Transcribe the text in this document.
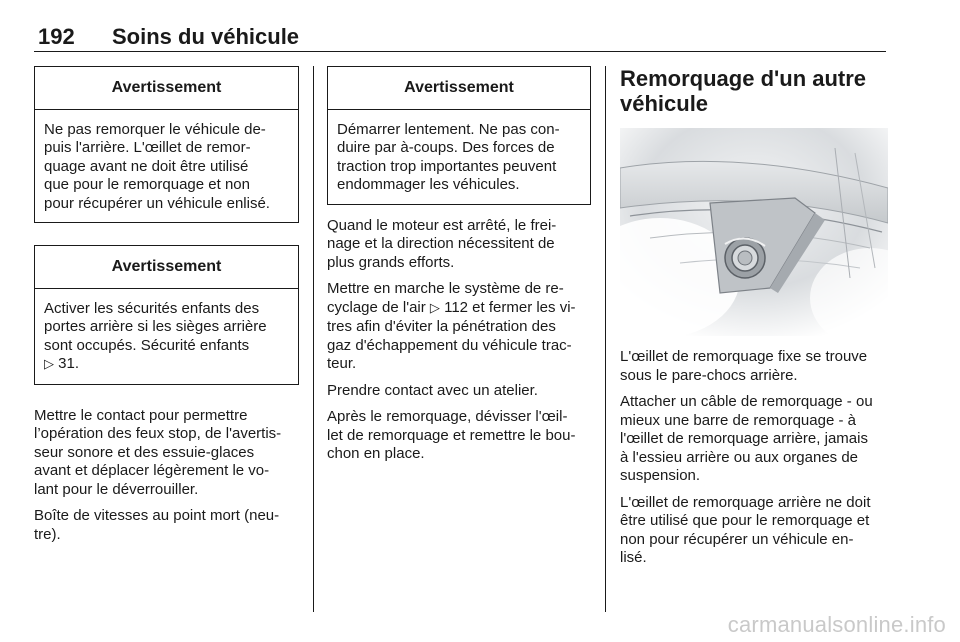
192 Soins du véhicule
Avertissement
Ne pas remorquer le véhicule de-
puis l'arrière. L'œillet de remor-
quage avant ne doit être utilisé
que pour le remorquage et non
pour récupérer un véhicule enlisé.
Avertissement
Activer les sécurités enfants des
portes arrière si les sièges arrière
sont occupés. Sécurité enfants
▷ 31.

Mettre le contact pour permettre
l’opération des feux stop, de l'avertis-
seur sonore et des essuie-glaces
avant et déplacer légèrement le vo-
lant pour le déverrouiller.

Boîte de vitesses au point mort (neu-
tre).

Avertissement
Démarrer lentement. Ne pas con-
duire par à-coups. Des forces de
traction trop importantes peuvent
endommager les véhicules.

Quand le moteur est arrêté, le frei-
nage et la direction nécessitent de
plus grands efforts.

Mettre en marche le système de re-
cyclage de l'air ▷ 112 et fermer les vi-
tres afin d'éviter la pénétration des
gaz d'échappement du véhicule trac-
teur.

Prendre contact avec un atelier.

Après le remorquage, dévisser l'œil-
let de remorquage et remettre le bou-
chon en place.

Remorquage d'un autre
véhicule

L'œillet de remorquage fixe se trouve
sous le pare-chocs arrière.

Attacher un câble de remorquage - ou
mieux une barre de remorquage - à
l'œillet de remorquage arrière, jamais
à l'essieu arrière ou aux organes de
suspension.

L'œillet de remorquage arrière ne doit
être utilisé que pour le remorquage et
non pour récupérer un véhicule en-
lisé.

carmanualsonline.info
